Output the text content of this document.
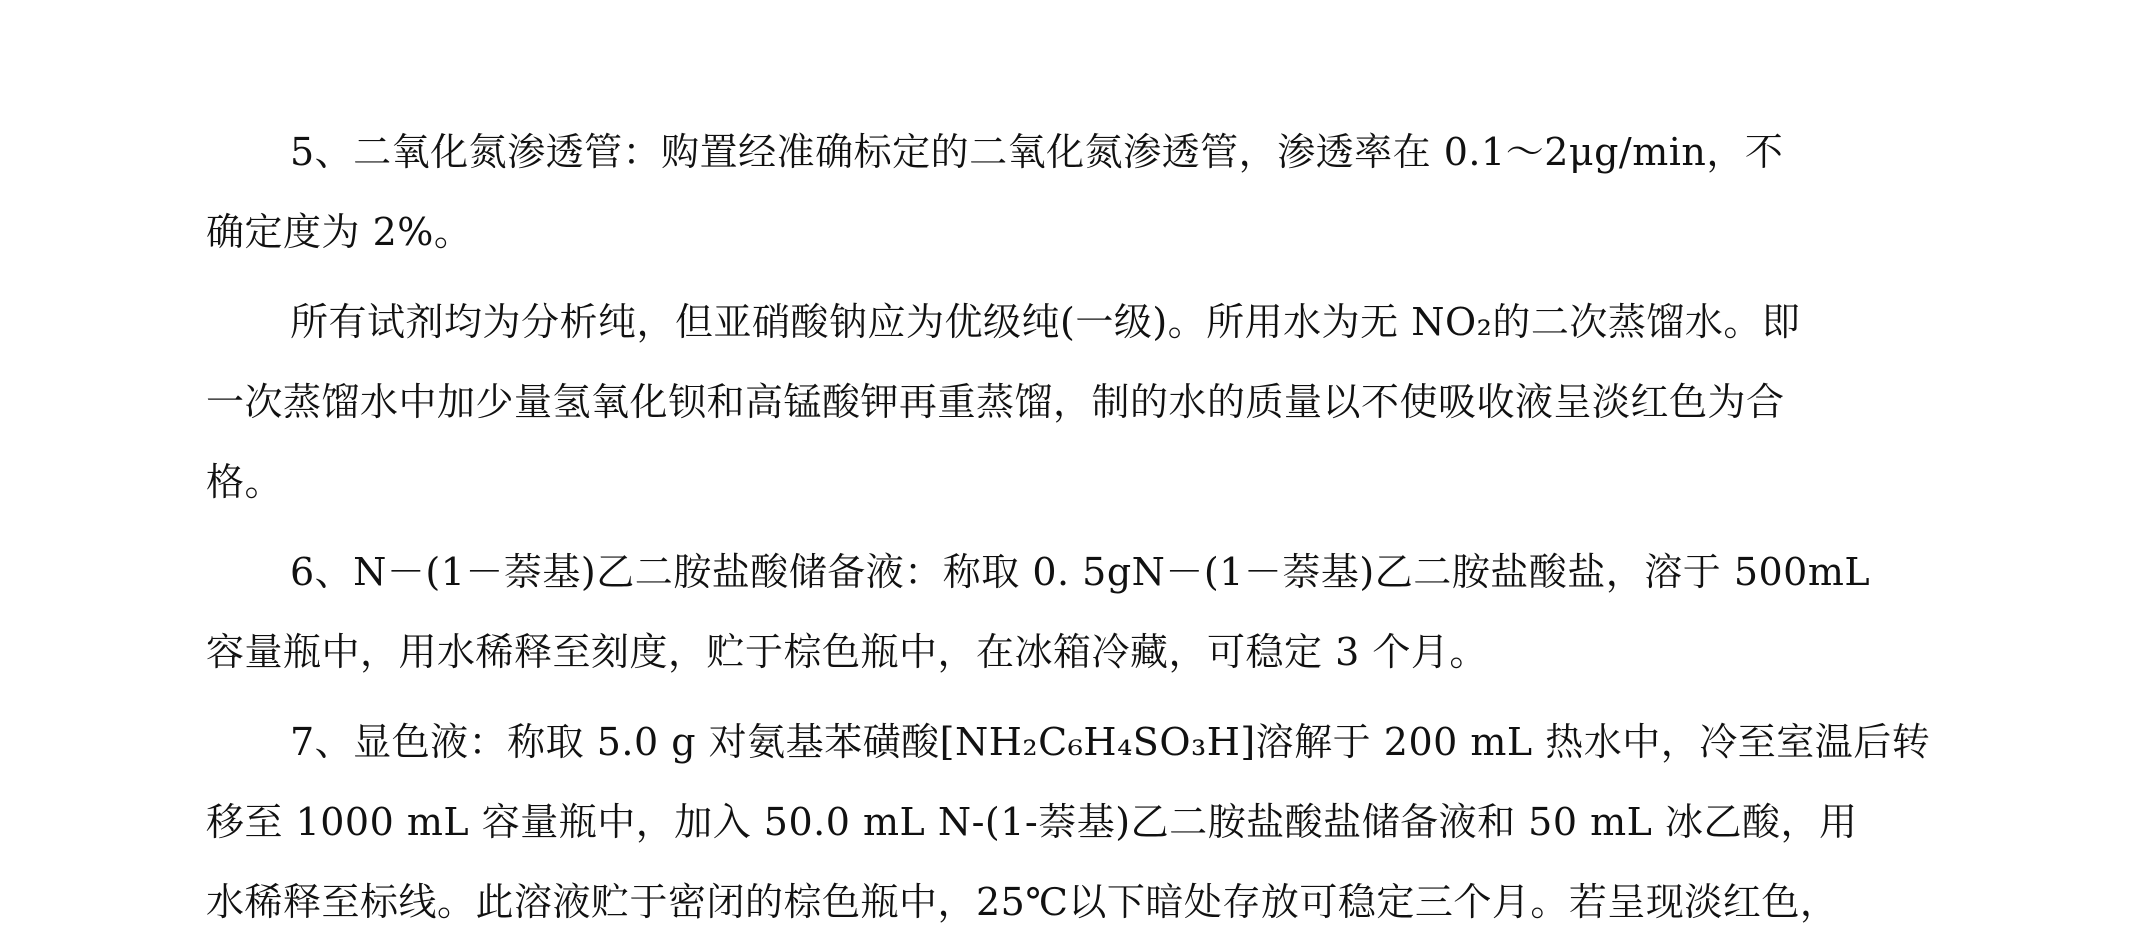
5、二氧化氮渗透管：购置经准确标定的二氧化氮渗透管，渗透率在 0.1～2μg/min，不
确定度为 2%。
所有试剂均为分析纯，但亚硝酸钠应为优级纯(一级)。所用水为无 NO₂的二次蒸馏水。即
一次蒸馏水中加少量氢氧化钡和高锰酸钾再重蒸馏，制的水的质量以不使吸收液呈淡红色为合
格。
6、N－(1－萘基)乙二胺盐酸储备液：称取 0. 5gN－(1－萘基)乙二胺盐酸盐，溶于 500mL
容量瓶中，用水稀释至刻度，贮于棕色瓶中，在冰箱冷藏，可稳定 3 个月。
7、显色液：称取 5.0 g 对氨基苯磺酸[NH₂C₆H₄SO₃H]溶解于 200 mL 热水中，冷至室温后转
移至 1000 mL 容量瓶中，加入 50.0 mL N-(1-萘基)乙二胺盐酸盐储备液和 50 mL 冰乙酸，用
水稀释至标线。此溶液贮于密闭的棕色瓶中，25℃以下暗处存放可稳定三个月。若呈现淡红色，
